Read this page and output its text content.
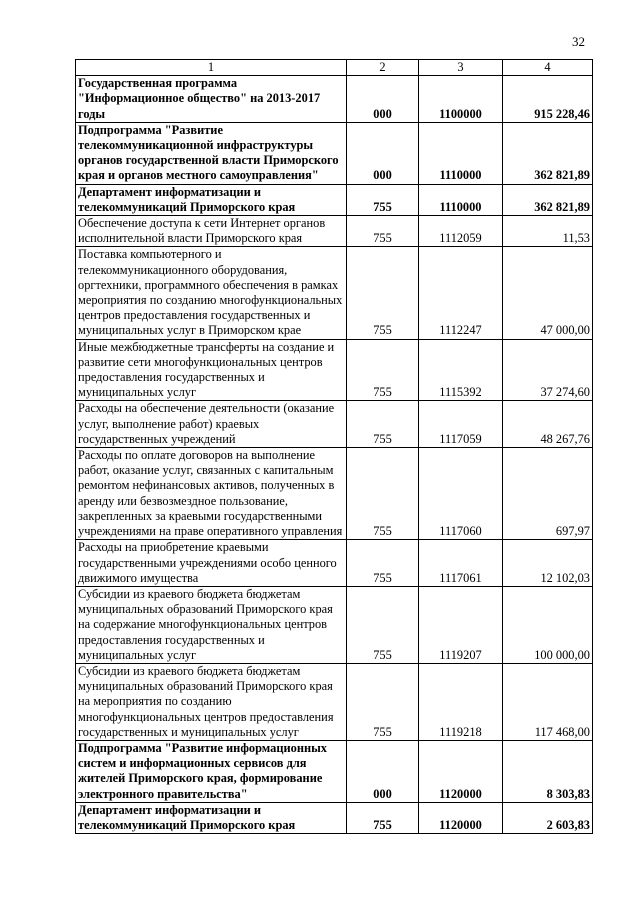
32
1	2	3	4
Государственная программа "Информационное общество" на 2013-2017 годы	000	1100000	915 228,46
Подпрограмма "Развитие телекоммуникационной инфраструктуры органов государственной власти Приморского края и органов местного самоуправления"	000	1110000	362 821,89
Департамент информатизации и телекоммуникаций Приморского края	755	1110000	362 821,89
Обеспечение доступа к сети Интернет органов исполнительной власти Приморского края	755	1112059	11,53
Поставка компьютерного и телекоммуникационного оборудования, оргтехники, программного обеспечения в рамках мероприятия по созданию многофункциональных центров предоставления государственных и муниципальных услуг в Приморском крае	755	1112247	47 000,00
Иные межбюджетные трансферты на создание и развитие сети многофункциональных центров предоставления государственных и муниципальных услуг	755	1115392	37 274,60
Расходы на обеспечение деятельности (оказание услуг, выполнение работ) краевых государственных учреждений	755	1117059	48 267,76
Расходы по оплате договоров на выполнение работ, оказание услуг, связанных с капитальным ремонтом нефинансовых активов, полученных в аренду или безвозмездное пользование, закрепленных за краевыми государственными учреждениями на праве оперативного управления	755	1117060	697,97
Расходы на приобретение краевыми государственными учреждениями особо ценного движимого имущества	755	1117061	12 102,03
Субсидии из краевого бюджета бюджетам муниципальных образований Приморского края на содержание многофункциональных центров предоставления государственных и муниципальных услуг	755	1119207	100 000,00
Субсидии из краевого бюджета бюджетам муниципальных образований Приморского края на мероприятия по созданию многофункциональных центров предоставления государственных и муниципальных услуг	755	1119218	117 468,00
Подпрограмма "Развитие информационных систем и информационных сервисов для жителей Приморского края, формирование электронного правительства"	000	1120000	8 303,83
Департамент информатизации и телекоммуникаций Приморского края	755	1120000	2 603,83
